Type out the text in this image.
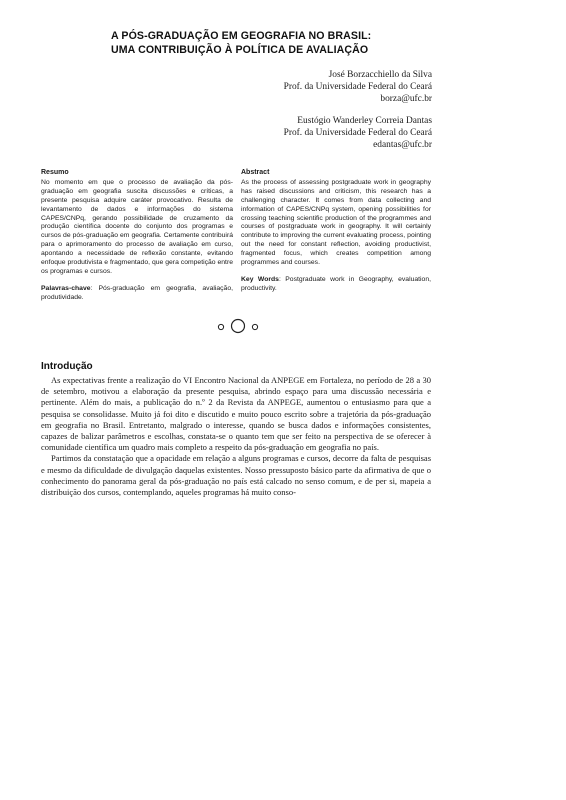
A PÓS-GRADUAÇÃO EM GEOGRAFIA NO BRASIL:
UMA CONTRIBUIÇÃO À POLÍTICA DE AVALIAÇÃO
José Borzacchiello da Silva
Prof. da Universidade Federal do Ceará
borza@ufc.br
Eustógio Wanderley Correia Dantas
Prof. da Universidade Federal do Ceará
edantas@ufc.br
Resumo

No momento em que o processo de avaliação da pós-graduação em geografia suscita discussões e críticas, a presente pesquisa adquire caráter provocativo. Resulta de levantamento de dados e informações do sistema CAPES/CNPq, gerando possibilidade de cruzamento da produção científica docente do conjunto dos programas e cursos de pós-graduação em geografia. Certamente contribuirá para o aprimoramento do processo de avaliação em curso, apontando a necessidade de reflexão constante, evitando enfoque produtivista e fragmentado, que gera competição entre os programas e cursos.

Palavras-chave: Pós-graduação em geografia, avaliação, produtividade.

Abstract

As the process of assessing postgraduate work in geography has raised discussions and criticism, this research has a challenging character. It comes from data collecting and information of CAPES/CNPq system, opening possibilities for crossing teaching scientific production of the programmes and courses of postgraduate work in geography. It will certainly contribute to improving the current evaluating process, pointing out the need for constant reflection, avoiding productivist, fragmented focus, which creates competition among programmes and courses.

Key Words: Postgraduate work in Geography, evaluation, productivity.

Introdução

As expectativas frente a realização do VI Encontro Nacional da ANPEGE em Fortaleza, no período de 28 a 30 de setembro, motivou a elaboração da presente pesquisa, abrindo espaço para uma discussão necessária e pertinente. Além do mais, a publicação do n.º 2 da Revista da ANPEGE, aumentou o entusiasmo para que a pesquisa se consolidasse. Muito já foi dito e discutido e muito pouco escrito sobre a trajetória da pós-graduação em geografia no Brasil. Entretanto, malgrado o interesse, quando se busca dados e informações consistentes, capazes de balizar parâmetros e escolhas, constata-se o quanto tem que ser feito na perspectiva de se oferecer à comunidade científica um quadro mais completo a respeito da pós-graduação em geografia no país.

Partimos da constatação que a opacidade em relação a alguns programas e cursos, decorre da falta de pesquisas e mesmo da dificuldade de divulgação daquelas existentes. Nosso pressuposto básico parte da afirmativa de que o conhecimento do panorama geral da pós-graduação no país está calcado no senso comum, e de per si, mapeia a distribuição dos cursos, contemplando, aqueles programas há muito conso-
